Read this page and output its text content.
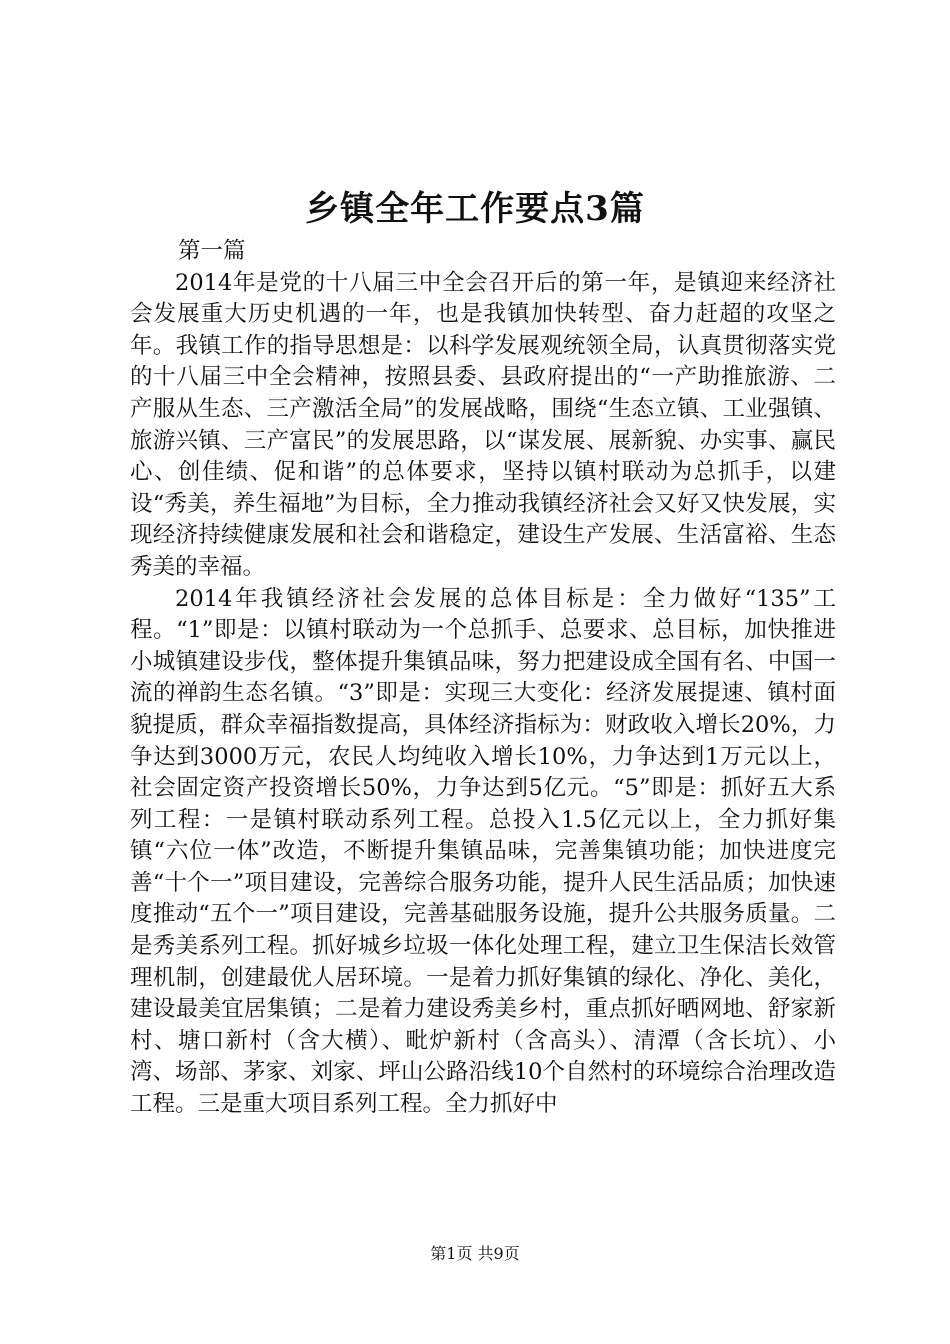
乡镇全年工作要点3篇

第一篇

2014年是党的十八届三中全会召开后的第一年，是镇迎来经济社会发展重大历史机遇的一年，也是我镇加快转型、奋力赶超的攻坚之年。我镇工作的指导思想是：以科学发展观统领全局，认真贯彻落实党的十八届三中全会精神，按照县委、县政府提出的“一产助推旅游、二产服从生态、三产激活全局”的发展战略，围绕“生态立镇、工业强镇、旅游兴镇、三产富民”的发展思路，以“谋发展、展新貌、办实事、赢民心、创佳绩、促和谐”的总体要求，坚持以镇村联动为总抓手，以建设“秀美，养生福地”为目标，全力推动我镇经济社会又好又快发展，实现经济持续健康发展和社会和谐稳定，建设生产发展、生活富裕、生态秀美的幸福。

2014年我镇经济社会发展的总体目标是：全力做好“135”工程。“1”即是：以镇村联动为一个总抓手、总要求、总目标，加快推进小城镇建设步伐，整体提升集镇品味，努力把建设成全国有名、中国一流的禅韵生态名镇。“3”即是：实现三大变化：经济发展提速、镇村面貌提质，群众幸福指数提高，具体经济指标为：财政收入增长20%，力争达到3000万元，农民人均纯收入增长10%，力争达到1万元以上，社会固定资产投资增长50%，力争达到5亿元。“5”即是：抓好五大系列工程：一是镇村联动系列工程。总投入1.5亿元以上，全力抓好集镇“六位一体”改造，不断提升集镇品味，完善集镇功能；加快进度完善“十个一”项目建设，完善综合服务功能，提升人民生活品质；加快速度推动“五个一”项目建设，完善基础服务设施，提升公共服务质量。二是秀美系列工程。抓好城乡垃圾一体化处理工程，建立卫生保洁长效管理机制，创建最优人居环境。一是着力抓好集镇的绿化、净化、美化，建设最美宜居集镇；二是着力建设秀美乡村，重点抓好晒网地、舒家新村、塘口新村（含大横）、毗炉新村（含高头）、清潭（含长坑）、小湾、场部、茅家、刘家、坪山公路沿线10个自然村的环境综合治理改造工程。三是重大项目系列工程。全力抓好中

第1页 共9页
